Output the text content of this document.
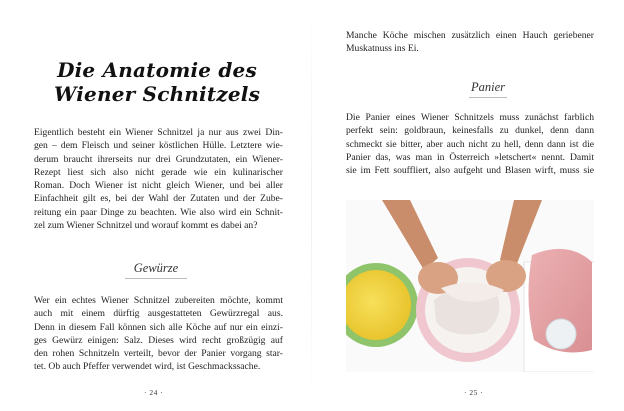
Die Anatomie des
Wiener Schnitzels
Eigentlich besteht ein Wiener Schnitzel ja nur aus zwei Din-
gen – dem Fleisch und seiner köstlichen Hülle. Letztere wie-
derum braucht ihrerseits nur drei Grundzutaten, ein Wiener-
Rezept liest sich also nicht gerade wie ein kulinarischer
Roman. Doch Wiener ist nicht gleich Wiener, und bei aller
Einfachheit gilt es, bei der Wahl der Zutaten und der Zube-
reitung ein paar Dinge zu beachten. Wie also wird ein Schnit-
zel zum Wiener Schnitzel und worauf kommt es dabei an?
Gewürze
Wer ein echtes Wiener Schnitzel zubereiten möchte, kommt
auch mit einem dürftig ausgestatteten Gewürzregal aus.
Denn in diesem Fall können sich alle Köche auf nur ein einzi-
ges Gewürz einigen: Salz. Dieses wird recht großzügig auf
den rohen Schnitzeln verteilt, bevor der Panier vorgang star-
tet. Ob auch Pfeffer verwendet wird, ist Geschmackssache.
· 24 ·
Manche Köche mischen zusätzlich einen Hauch geriebener
Muskatnuss ins Ei.
Panier
Die Panier eines Wiener Schnitzels muss zunächst farblich
perfekt sein: goldbraun, keinesfalls zu dunkel, denn dann
schmeckt sie bitter, aber auch nicht zu hell, denn dann ist die
Panier das, was man in Österreich »letschert« nennt. Damit
sie im Fett souffliert, also aufgeht und Blasen wirft, muss sie
· 25 ·
